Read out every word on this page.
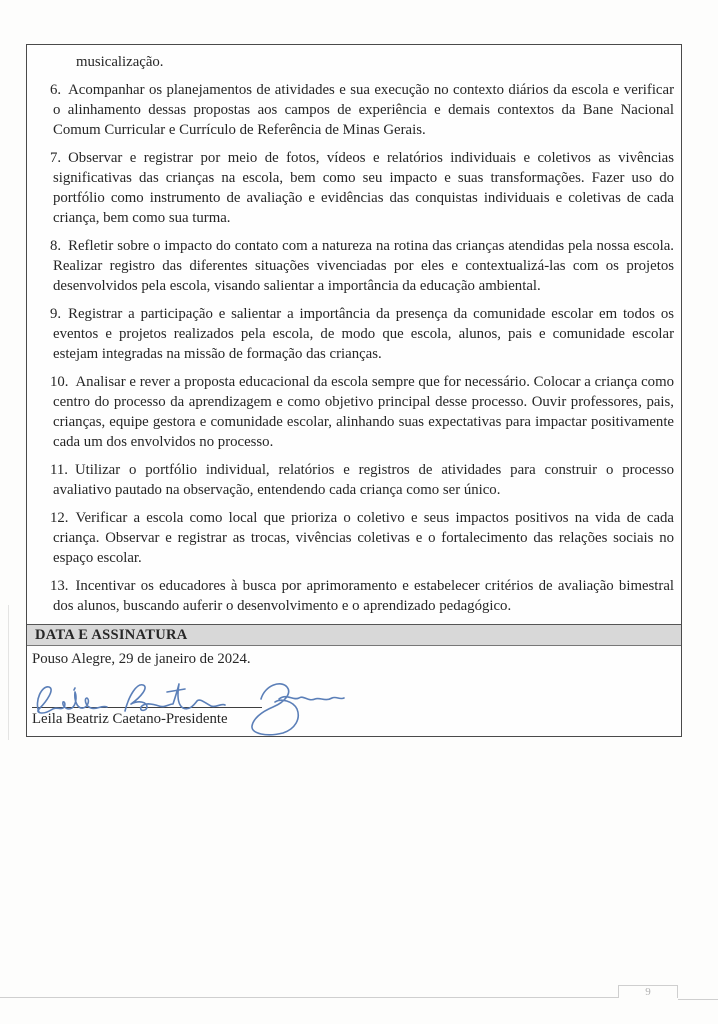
musicalização.
6. Acompanhar os planejamentos de atividades e sua execução no contexto diários da escola e verificar o alinhamento dessas propostas aos campos de experiência e demais contextos da Bane Nacional Comum Curricular e Currículo de Referência de Minas Gerais.
7. Observar e registrar por meio de fotos, vídeos e relatórios individuais e coletivos as vivências significativas das crianças na escola, bem como seu impacto e suas transformações. Fazer uso do portfólio como instrumento de avaliação e evidências das conquistas individuais e coletivas de cada criança, bem como sua turma.
8. Refletir sobre o impacto do contato com a natureza na rotina das crianças atendidas pela nossa escola. Realizar registro das diferentes situações vivenciadas por eles e contextualizá-las com os projetos desenvolvidos pela escola, visando salientar a importância da educação ambiental.
9. Registrar a participação e salientar a importância da presença da comunidade escolar em todos os eventos e projetos realizados pela escola, de modo que escola, alunos, pais e comunidade escolar estejam integradas na missão de formação das crianças.
10. Analisar e rever a proposta educacional da escola sempre que for necessário. Colocar a criança como centro do processo da aprendizagem e como objetivo principal desse processo. Ouvir professores, pais, crianças, equipe gestora e comunidade escolar, alinhando suas expectativas para impactar positivamente cada um dos envolvidos no processo.
11. Utilizar o portfólio individual, relatórios e registros de atividades para construir o processo avaliativo pautado na observação, entendendo cada criança como ser único.
12. Verificar a escola como local que prioriza o coletivo e seus impactos positivos na vida de cada criança. Observar e registrar as trocas, vivências coletivas e o fortalecimento das relações sociais no espaço escolar.
13. Incentivar os educadores à busca por aprimoramento e estabelecer critérios de avaliação bimestral dos alunos, buscando auferir o desenvolvimento e o aprendizado pedagógico.
DATA E ASSINATURA
Pouso Alegre, 29 de janeiro de 2024.
Leila Beatriz Caetano-Presidente
9
